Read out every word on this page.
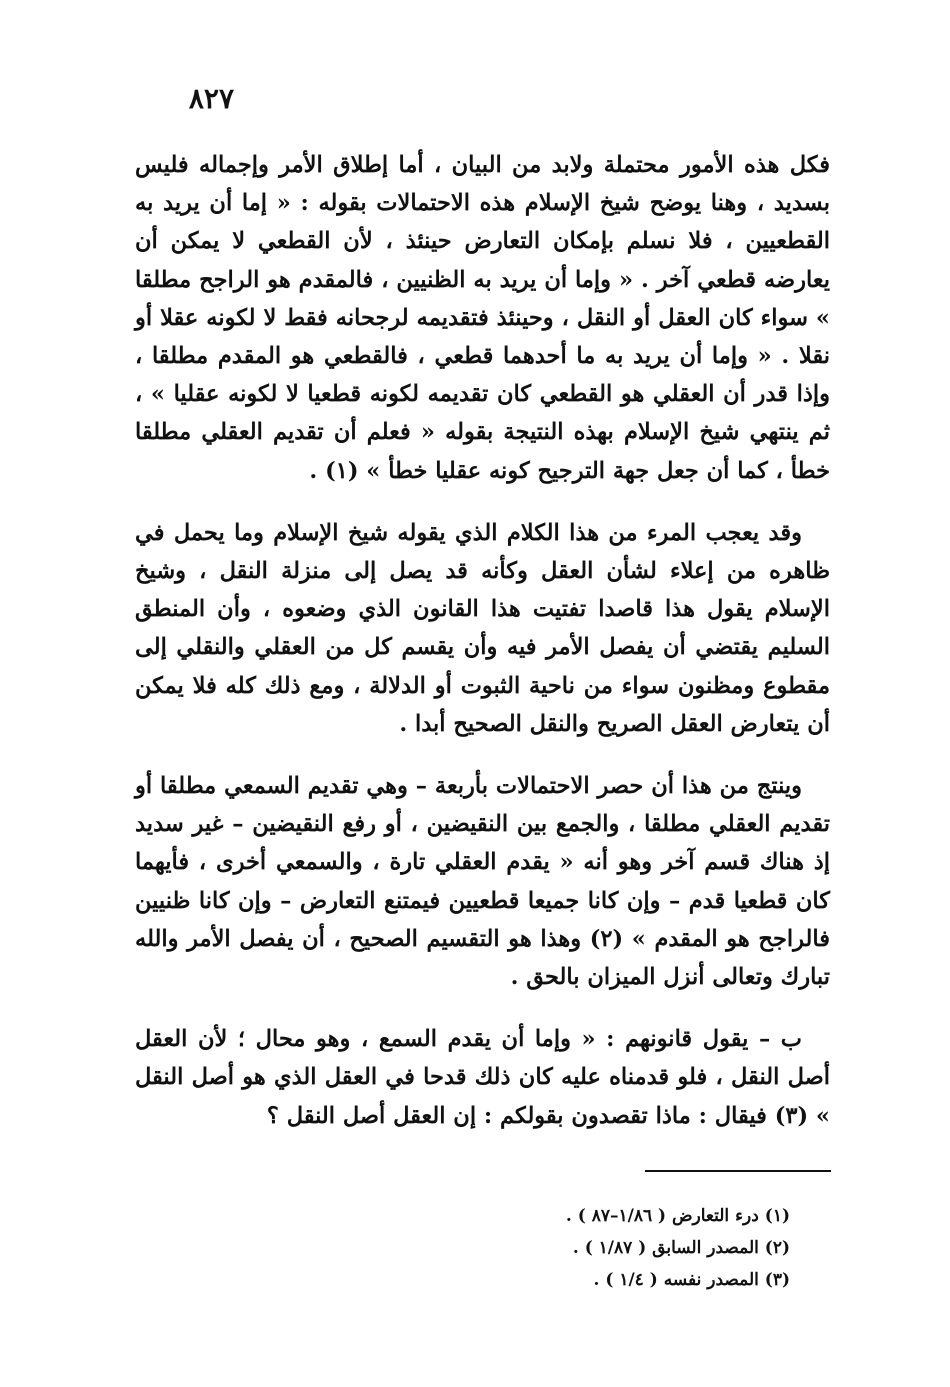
٨٢٧

فكل هذه الأمور محتملة ولابد من البيان ، أما إطلاق الأمر وإجماله فليس بسديد ، وهنا يوضح شيخ الإسلام هذه الاحتمالات بقوله : « إما أن يريد به القطعيين ، فلا نسلم بإمكان التعارض حينئذ ، لأن القطعي لا يمكن أن يعارضه قطعي آخر . « وإما أن يريد به الظنيين ، فالمقدم هو الراجح مطلقا » سواء كان العقل أو النقل ، وحينئذ فتقديمه لرجحانه فقط لا لكونه عقلا أو نقلا . « وإما أن يريد به ما أحدهما قطعي ، فالقطعي هو المقدم مطلقا ، وإذا قدر أن العقلي هو القطعي كان تقديمه لكونه قطعيا لا لكونه عقليا » ، ثم ينتهي شيخ الإسلام بهذه النتيجة بقوله « فعلم أن تقديم العقلي مطلقا خطأ ، كما أن جعل جهة الترجيح كونه عقليا خطأ » (١) .

وقد يعجب المرء من هذا الكلام الذي يقوله شيخ الإسلام وما يحمل في ظاهره من إعلاء لشأن العقل وكأنه قد يصل إلى منزلة النقل ، وشيخ الإسلام يقول هذا قاصدا تفتيت هذا القانون الذي وضعوه ، وأن المنطق السليم يقتضي أن يفصل الأمر فيه وأن يقسم كل من العقلي والنقلي إلى مقطوع ومظنون سواء من ناحية الثبوت أو الدلالة ، ومع ذلك كله فلا يمكن أن يتعارض العقل الصريح والنقل الصحيح أبدا .

وينتج من هذا أن حصر الاحتمالات بأربعة – وهي تقديم السمعي مطلقا أو تقديم العقلي مطلقا ، والجمع بين النقيضين ، أو رفع النقيضين – غير سديد إذ هناك قسم آخر وهو أنه « يقدم العقلي تارة ، والسمعي أخرى ، فأيهما كان قطعيا قدم – وإن كانا جميعا قطعيين فيمتنع التعارض – وإن كانا ظنيين فالراجح هو المقدم » (٢) وهذا هو التقسيم الصحيح ، أن يفصل الأمر والله تبارك وتعالى أنزل الميزان بالحق .

ب – يقول قانونهم : « وإما أن يقدم السمع ، وهو محال ؛ لأن العقل أصل النقل ، فلو قدمناه عليه كان ذلك قدحا في العقل الذي هو أصل النقل » (٣) فيقال : ماذا تقصدون بقولكم : إن العقل أصل النقل ؟

(١) درء التعارض ( ١/٨٦–٨٧ ) .
(٢) المصدر السابق ( ١/٨٧ ) .
(٣) المصدر نفسه ( ١/٤ ) .
